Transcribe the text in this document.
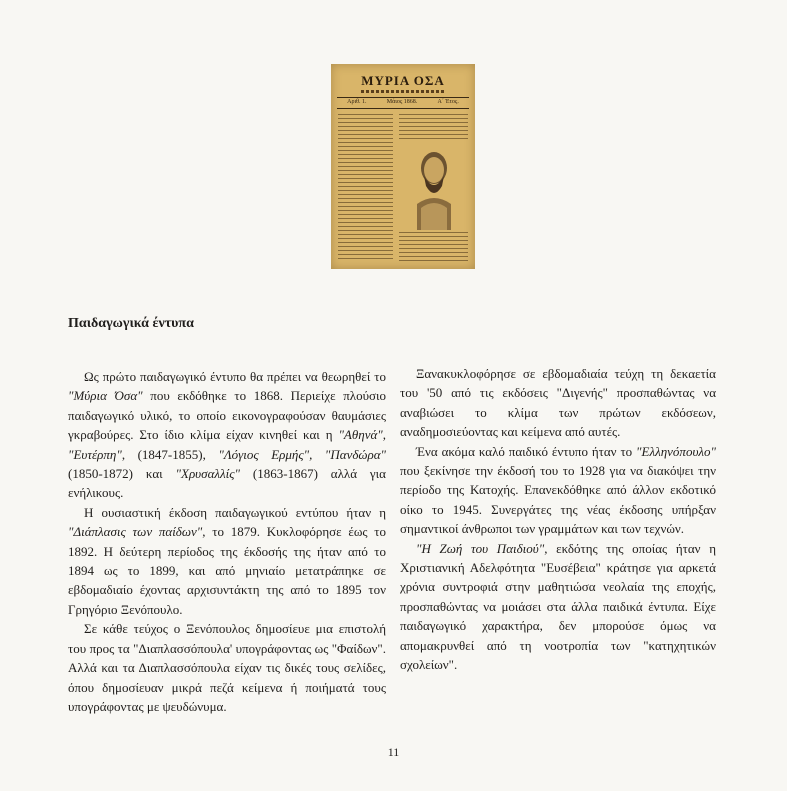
ΜΥΡΙΑ ΟΣΑ
Αριθ. 1.	Μάιος 1868.	Α΄ Έτος.
Παιδαγωγικά έντυπα

Ως πρώτο παιδαγωγικό έντυπο θα πρέπει να θεωρηθεί το "Μύρια Όσα" που εκδόθηκε το 1868. Περιείχε πλούσιο παιδαγωγικό υλικό, το οποίο εικονογραφούσαν θαυμάσιες γκραβούρες. Στο ίδιο κλίμα είχαν κινηθεί και η "Αθηνά", "Ευτέρπη", (1847-1855), "Λόγιος Ερμής", "Πανδώρα" (1850-1872) και "Χρυσαλλίς" (1863-1867) αλλά για ενήλικους.

Η ουσιαστική έκδοση παιδαγωγικού εντύπου ήταν η "Διάπλασις των παίδων", το 1879. Κυκλοφόρησε έως το 1892. Η δεύτερη περίοδος της έκδοσής της ήταν από το 1894 ως το 1899, και από μηνιαίο μετατράπηκε σε εβδομαδιαίο έχοντας αρχισυντάκτη της από το 1895 τον Γρηγόριο Ξενόπουλο.

Σε κάθε τεύχος ο Ξενόπουλος δημοσίευε μια επιστολή του προς τα "Διαπλασσόπουλα' υπογράφοντας ως "Φαίδων". Αλλά και τα Διαπλασσόπουλα είχαν τις δικές τους σελίδες, όπου δημοσίευαν μικρά πεζά κείμενα ή ποιήματά τους υπογράφοντας με ψευδώνυμα.

Ξανακυκλοφόρησε σε εβδομαδιαία τεύχη τη δεκαετία του '50 από τις εκδόσεις "Διγενής" προσπαθώντας να αναβιώσει το κλίμα των πρώτων εκδόσεων, αναδημοσιεύοντας και κείμενα από αυτές.

Ένα ακόμα καλό παιδικό έντυπο ήταν το "Ελληνόπουλο" που ξεκίνησε την έκδοσή του το 1928 για να διακόψει την περίοδο της Κατοχής. Επανεκδόθηκε από άλλον εκδοτικό οίκο το 1945. Συνεργάτες της νέας έκδοσης υπήρξαν σημαντικοί άνθρωποι των γραμμάτων και των τεχνών.

"Η Ζωή του Παιδιού", εκδότης της οποίας ήταν η Χριστιανική Αδελφότητα "Ευσέβεια" κράτησε για αρκετά χρόνια συντροφιά στην μαθητιώσα νεολαία της εποχής, προσπαθώντας να μοιάσει στα άλλα παιδικά έντυπα. Είχε παιδαγωγικό χαρακτήρα, δεν μπορούσε όμως να απομακρυνθεί από τη νοοτροπία των "κατηχητικών σχολείων".

11
